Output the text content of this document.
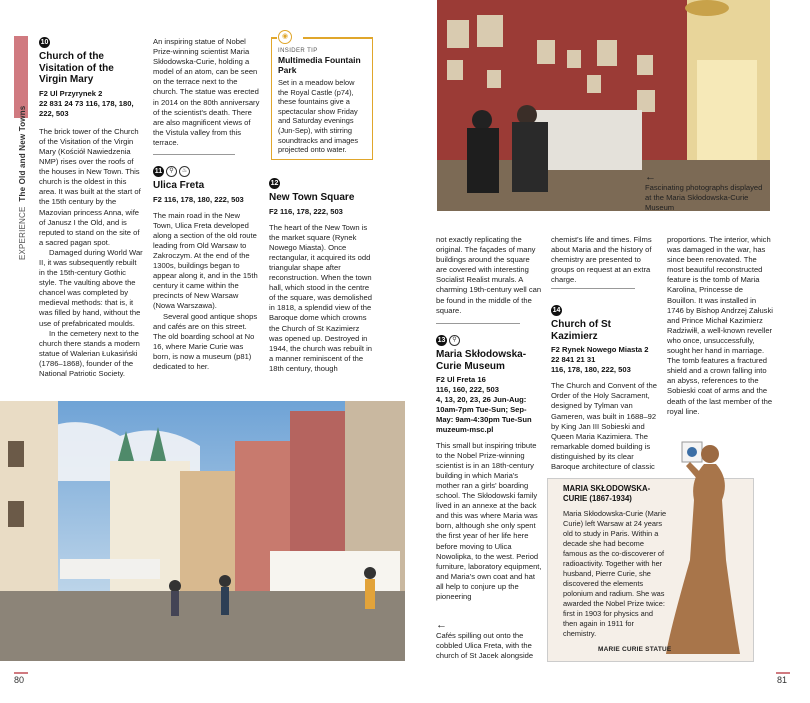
EXPERIENCE  The Old and New Towns
10
Church of the Visitation of the Virgin Mary
F2 Ul Przyrynek 2
22 831 24 73 116, 178, 180, 222, 503

The brick tower of the Church of the Visitation of the Virgin Mary (Kościół Nawiedzenia NMP) rises over the roofs of the houses in New Town. This church is the oldest in this area. It was built at the start of the 15th century by the Mazovian princess Anna, wife of Janusz I the Old, and is reputed to stand on the site of a sacred pagan spot.

Damaged during World War II, it was subsequently rebuilt in the 15th-century Gothic style. The vaulting above the chancel was completed by medieval methods: that is, it was filled by hand, without the use of prefabricated moulds.

In the cemetery next to the church there stands a modern statue of Walerian Łukasiński (1786–1868), founder of the National Patriotic Society.

An inspiring statue of Nobel Prize-winning scientist Maria Skłodowska-Curie, holding a model of an atom, can be seen on the terrace next to the church. The statue was erected in 2014 on the 80th anniversary of the scientist's death. There are also magnificent views of the Vistula valley from this terrace.

11 ⚲ ♨
Ulica Freta
F2 116, 178, 180, 222, 503

The main road in the New Town, Ulica Freta developed along a section of the old route leading from Old Warsaw to Zakroczym. At the end of the 1300s, buildings began to appear along it, and in the 15th century it came within the precincts of New Warsaw (Nowa Warszawa).

Several good antique shops and cafés are on this street. The old boarding school at No 16, where Marie Curie was born, is now a museum (p81) dedicated to her.

◉
INSIDER TIP
Multimedia Fountain Park

Set in a meadow below the Royal Castle (p74), these fountains give a spectacular show Friday and Saturday evenings (Jun-Sep), with stirring soundtracks and images projected onto water.

12
New Town Square
F2 116, 178, 222, 503

The heart of the New Town is the market square (Rynek Nowego Miasta). Once rectangular, it acquired its odd triangular shape after reconstruction. When the town hall, which stood in the centre of the square, was demolished in 1818, a splendid view of the Baroque dome which crowns the Church of St Kazimierz was opened up. Destroyed in 1944, the church was rebuilt in a manner reminiscent of the 18th century, though

←
Cafés spilling out onto the cobbled Ulica Freta, with the church of St Jacek alongside
←
Fascinating photographs displayed at the Maria Skłodowska-Curie Museum

not exactly replicating the original. The façades of many buildings around the square are covered with interesting Socialist Realist murals. A charming 19th-century well can be found in the middle of the square.

13 ⚲
Maria Skłodowska-Curie Museum
F2 Ul Freta 16
116, 160, 222, 503
4, 13, 20, 23, 26 Jun-Aug: 10am-7pm Tue-Sun; Sep-May: 9am-4:30pm Tue-Sun muzeum-msc.pl

This small but inspiring tribute to the Nobel Prize-winning scientist is in an 18th-century building in which Maria's mother ran a girls' boarding school. The Skłodowski family lived in an annexe at the back and this was where Maria was born, although she only spent the first year of her life here before moving to Ulica Nowolipka, to the west. Period furniture, laboratory equipment, and Maria's own coat and hat all help to conjure up the pioneering

chemist's life and times. Films about Maria and the history of chemistry are presented to groups on request at an extra charge.

14
Church of St Kazimierz
F2 Rynek Nowego Miasta 2 22 841 21 31
116, 178, 180, 222, 503

The Church and Convent of the Order of the Holy Sacrament, designed by Tylman van Gameren, was built in 1688–92 by King Jan III Sobieski and Queen Maria Kazimiera. The remarkable domed building is distinguished by its clear Baroque architecture of classic

proportions. The interior, which was damaged in the war, has since been renovated. The most beautiful reconstructed feature is the tomb of Maria Karolina, Princesse de Bouillon. It was installed in 1746 by Bishop Andrzej Załuski and Prince Michał Kazimierz Radziwiłł, a well-known reveller who once, unsuccessfully, sought her hand in marriage. The tomb features a fractured shield and a crown falling into an abyss, references to the Sobieski coat of arms and the death of the last member of the royal line.

MARIA SKŁODOWSKA-CURIE (1867-1934)

Maria Skłodowska-Curie (Marie Curie) left Warsaw at 24 years old to study in Paris. Within a decade she had become famous as the co-discoverer of radioactivity. Together with her husband, Pierre Curie, she discovered the elements polonium and radium. She was awarded the Nobel Prize twice: first in 1903 for physics and then again in 1911 for chemistry.

MARIE CURIE STATUE
80	81
